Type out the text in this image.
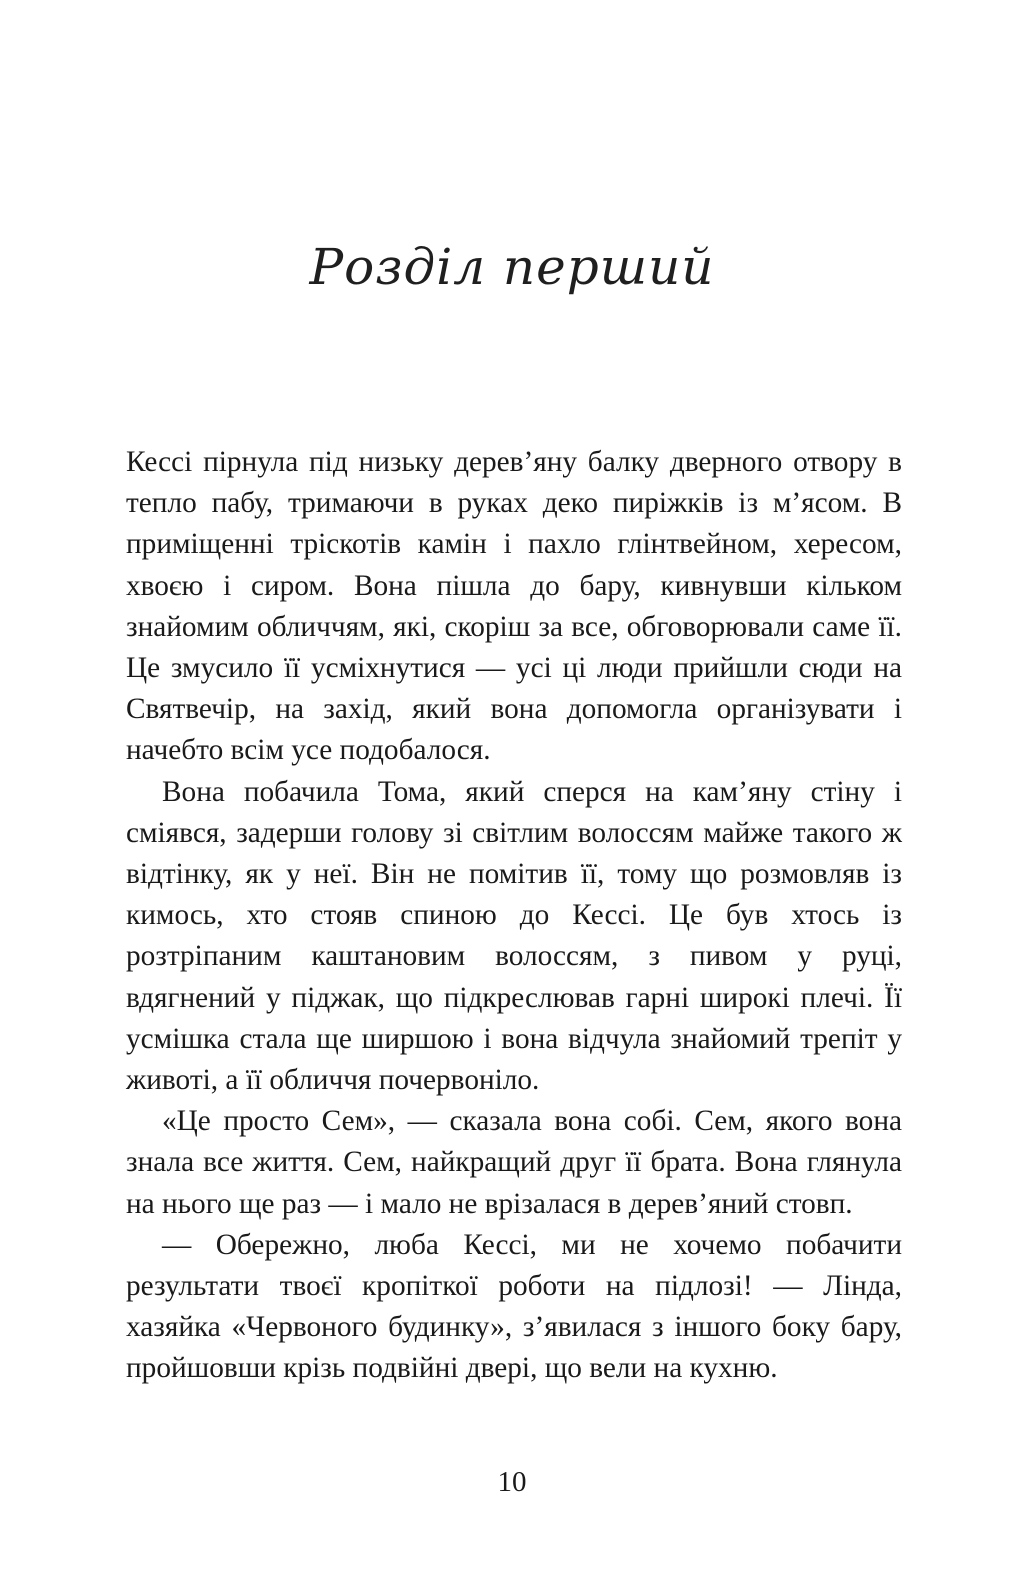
Розділ перший

Кессі пірнула під низьку дерев’яну балку дверного отвору в тепло пабу, тримаючи в руках деко пиріжків із м’ясом. В приміщенні тріскотів камін і пахло глінтвейном, хересом, хвоєю і сиром. Вона пішла до бару, кивнувши кільком знайомим обличчям, які, скоріш за все, обговорювали саме її. Це змусило її усміхнутися — усі ці люди прийшли сюди на Святвечір, на захід, який вона допомогла організувати і начебто всім усе подобалося.

Вона побачила Тома, який сперся на кам’яну стіну і сміявся, задерши голову зі світлим волоссям майже такого ж відтінку, як у неї. Він не помітив її, тому що розмовляв із кимось, хто стояв спиною до Кессі. Це був хтось із розтріпаним каштановим волоссям, з пивом у руці, вдягнений у піджак, що підкреслював гарні широкі плечі. Її усмішка стала ще ширшою і вона відчула знайомий трепіт у животі, а її обличчя почервоніло.

«Це просто Сем», — сказала вона собі. Сем, якого вона знала все життя. Сем, найкращий друг її брата. Вона глянула на нього ще раз — і мало не врізалася в дерев’яний стовп.

— Обережно, люба Кессі, ми не хочемо побачити результати твоєї кропіткої роботи на підлозі! — Лінда, хазяйка «Червоного будинку», з’явилася з іншого боку бару, пройшовши крізь подвійні двері, що вели на кухню.

10
